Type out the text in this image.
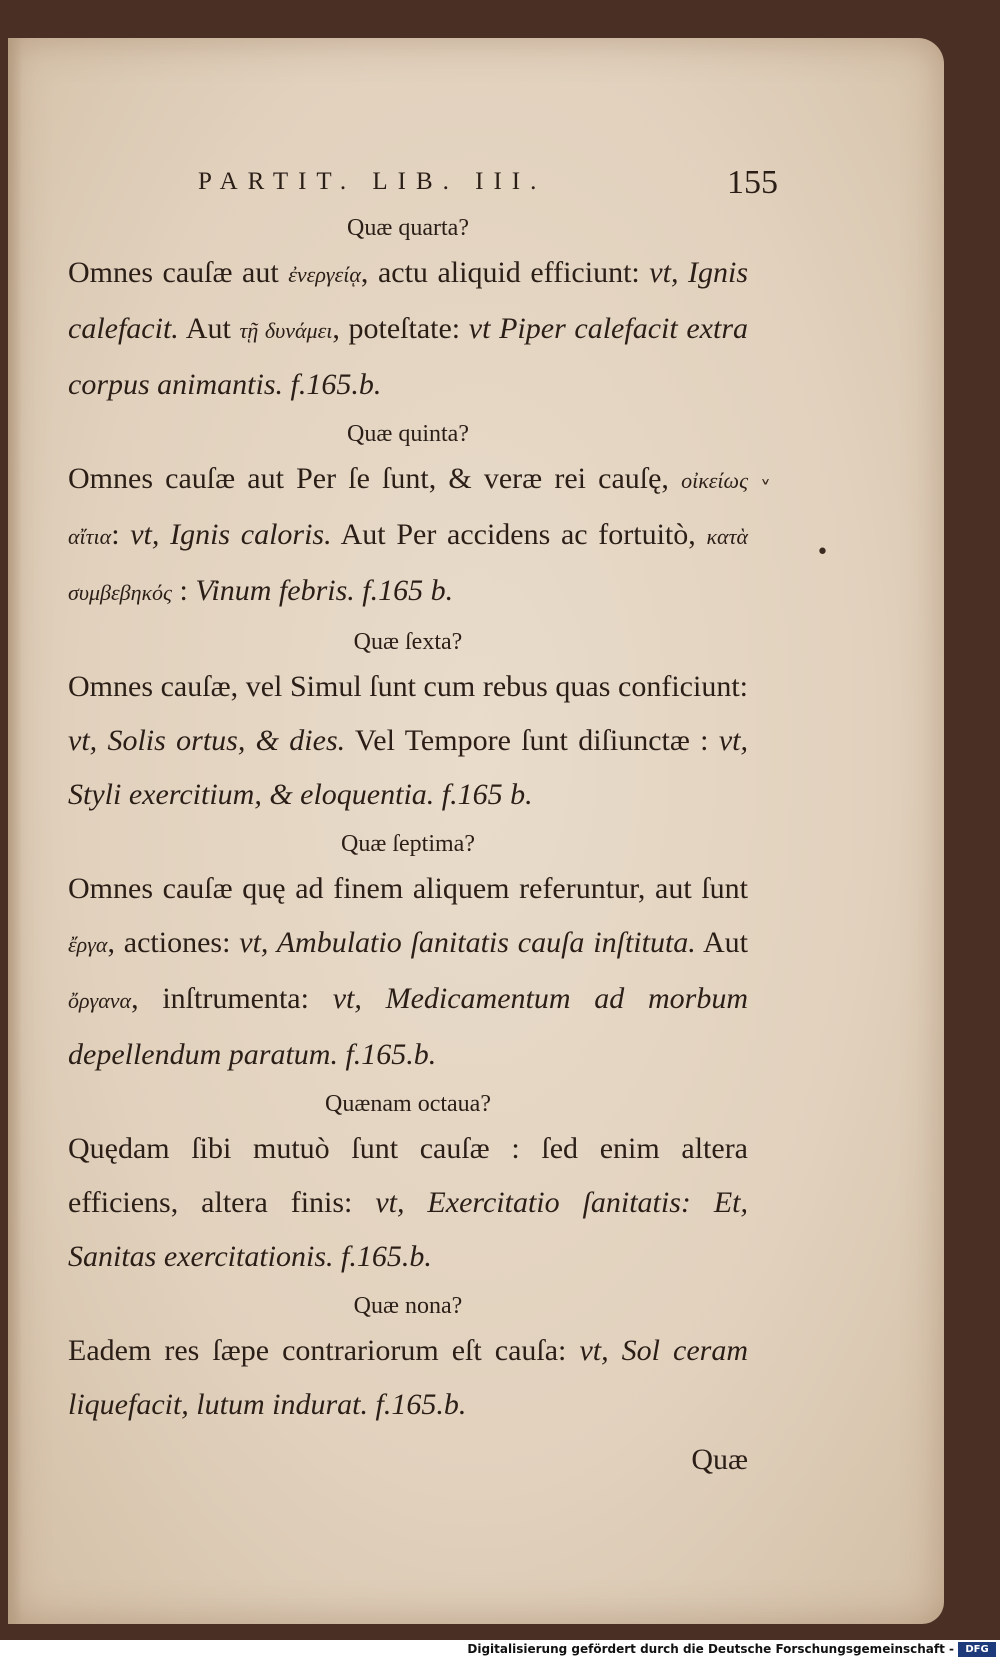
PARTIT. LIB. III.	155
Quæ quarta?
Omnes cauſæ aut ἐνεργείᾳ, actu aliquid efficiunt: vt, Ignis calefacit. Aut τῇ δυνάμει, poteſtate: vt Piper calefacit extra corpus animantis. f.165.b.
Quæ quinta?
Omnes cauſæ aut Per ſe ſunt, & veræ rei cauſę, οἰκείως αἴτια: vt, Ignis caloris. Aut Per accidens ac fortuitò, κατὰ συμβεβηκός : Vinum febris. f.165 b.
Quæ ſexta?
Omnes cauſæ, vel Simul ſunt cum rebus quas conficiunt: vt, Solis ortus, & dies. Vel Tempore ſunt diſiunctæ : vt, Styli exercitium, & eloquentia. f.165 b.
Quæ ſeptima?
Omnes cauſæ quę ad finem aliquem referuntur, aut ſunt ἔργα, actiones: vt, Ambulatio ſanitatis cauſa inſtituta. Aut ὄργανα, inſtrumenta: vt, Medicamentum ad morbum depellendum paratum. f.165.b.
Quænam octaua?
Quędam ſibi mutuò ſunt cauſæ : ſed enim altera efficiens, altera finis: vt, Exercitatio ſanitatis: Et, Sanitas exercitationis. f.165.b.
Quæ nona?
Eadem res ſæpe contrariorum eſt cauſa: vt, Sol ceram liquefacit, lutum indurat. f.165.b.
Quæ
˅
•
Digitalisierung gefördert durch die Deutsche Forschungsgemeinschaft -	DFG
